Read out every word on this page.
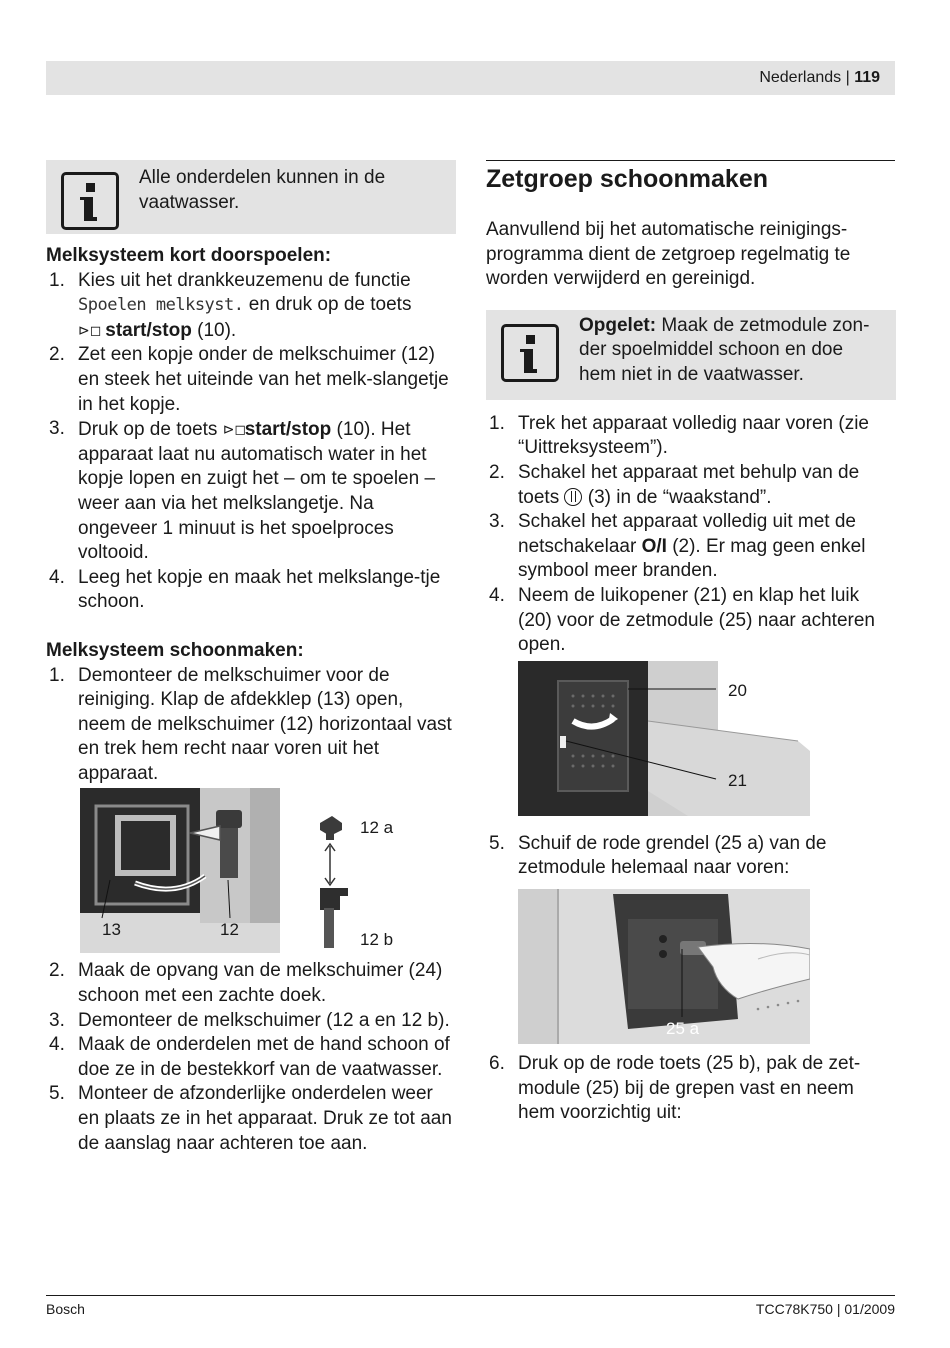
Nederlands | 119
Alle onderdelen kunnen in de vaatwasser.
Melksysteem kort doorspoelen:
1. Kies uit het drankkeuzemenu de functie Spoelen melksyst. en druk op de toets
⊳◻ start/stop (10).
2. Zet een kopje onder de melkschuimer (12) en steek het uiteinde van het melk-slangetje in het kopje.
3. Druk op de toets ⊳◻start/stop (10). Het apparaat laat nu automatisch water in het kopje lopen en zuigt het – om te spoelen – weer aan via het melkslangetje. Na ongeveer 1 minuut is het spoelproces voltooid.
4. Leeg het kopje en maak het melkslange-tje schoon.
Melksysteem schoonmaken:
1. Demonteer de melkschuimer voor de reiniging. Klap de afdekklep (13) open, neem de melkschuimer (12) horizontaal vast en trek hem recht naar voren uit het apparaat.
13	12
12 a
12 b
2. Maak de opvang van de melkschuimer (24) schoon met een zachte doek.
3. Demonteer de melkschuimer (12 a en 12 b).
4. Maak de onderdelen met de hand schoon of doe ze in de bestekkorf van de vaatwasser.
5. Monteer de afzonderlijke onderdelen weer en plaats ze in het apparaat. Druk ze tot aan de aanslag naar achteren toe aan.
Zetgroep schoonmaken

Aanvullend bij het automatische reinigings-programma dient de zetgroep regelmatig te worden verwijderd en gereinigd.

Opgelet: Maak de zetmodule zon-der spoelmiddel schoon en doe hem niet in de vaatwasser.
1. Trek het apparaat volledig naar voren (zie “Uittreksysteem”).
2. Schakel het apparaat met behulp van de toets  (3) in de “waakstand”.
3. Schakel het apparaat volledig uit met de netschakelaar O/I (2). Er mag geen enkel symbool meer branden.
4. Neem de luikopener (21) en klap het luik (20) voor de zetmodule (25) naar achteren open.
20
21
5. Schuif de rode grendel (25 a) van de zetmodule helemaal naar voren:
25 a
6. Druk op de rode toets (25 b), pak de zet-module (25) bij de grepen vast en neem hem voorzichtig uit:
Bosch	TCC78K750 | 01/2009
